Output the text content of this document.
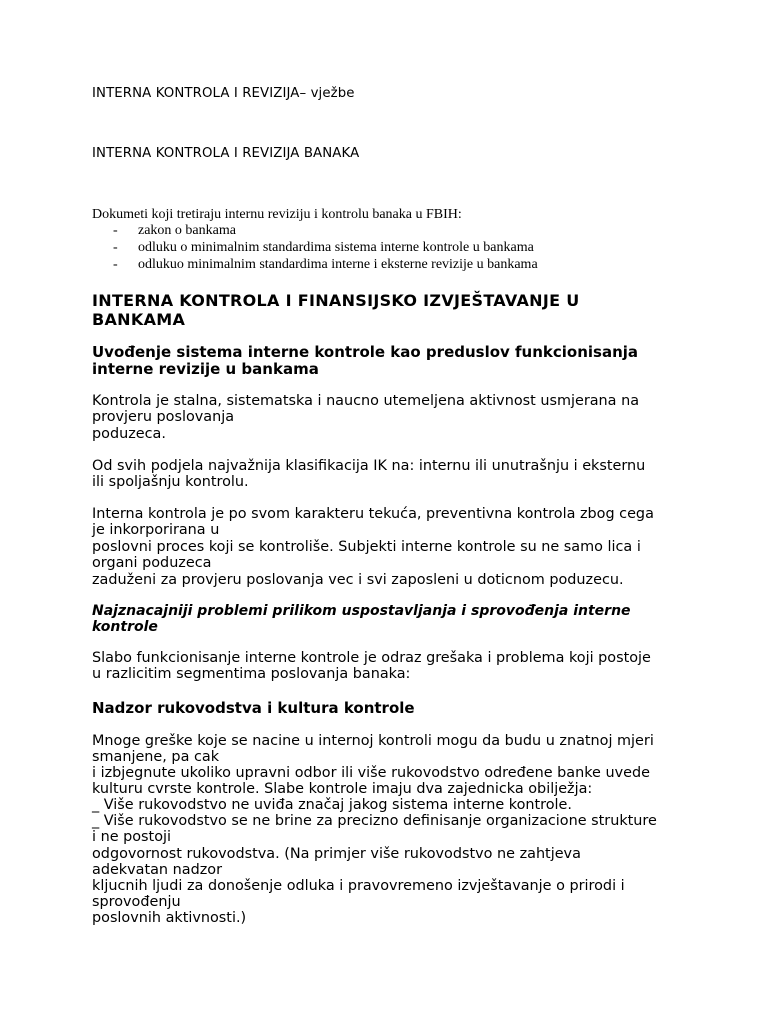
INTERNA KONTROLA I REVIZIJA– vježbe

INTERNA KONTROLA I REVIZIJA BANAKA

Dokumeti koji tretiraju internu reviziju i kontrolu banaka u FBIH:

- zakon o bankama
- odluku o minimalnim standardima sistema interne kontrole u bankama
- odlukuo minimalnim standardima interne i eksterne revizije u bankama

INTERNA KONTROLA I FINANSIJSKO IZVJEŠTAVANJE U

BANKAMA

Uvođenje sistema interne kontrole kao preduslov funkcionisanja

interne revizije u bankama

Kontrola je stalna, sistematska i naucno utemeljena aktivnost usmjerana na

provjeru poslovanja

poduzeca.

Od svih podjela najvažnija klasifikacija IK na: internu ili unutrašnju i eksternu

ili spoljašnju kontrolu.

Interna kontrola je po svom karakteru tekuća, preventivna kontrola zbog cega

je inkorporirana u

poslovni proces koji se kontroliše. Subjekti interne kontrole su ne samo lica i

organi poduzeca

zaduženi za provjeru poslovanja vec i svi zaposleni u doticnom poduzecu.

Najznacajniji problemi prilikom uspostavljanja i sprovođenja interne

kontrole

Slabo funkcionisanje interne kontrole je odraz grešaka i problema koji postoje

u razlicitim segmentima poslovanja banaka:

Nadzor rukovodstva i kultura kontrole

Mnoge greške koje se nacine u internoj kontroli mogu da budu u znatnoj mjeri

smanjene, pa cak

i izbjegnute ukoliko upravni odbor ili više rukovodstvo određene banke uvede

kulturu cvrste kontrole. Slabe kontrole imaju dva zajednicka obilježja:

_ Više rukovodstvo ne uviđa značaj jakog sistema interne kontrole.

_ Više rukovodstvo se ne brine za precizno definisanje organizacione strukture

i ne postoji

odgovornost rukovodstva. (Na primjer više rukovodstvo ne zahtjeva

adekvatan nadzor

kljucnih ljudi za donošenje odluka i pravovremeno izvještavanje o prirodi i

sprovođenju

poslovnih aktivnosti.)
